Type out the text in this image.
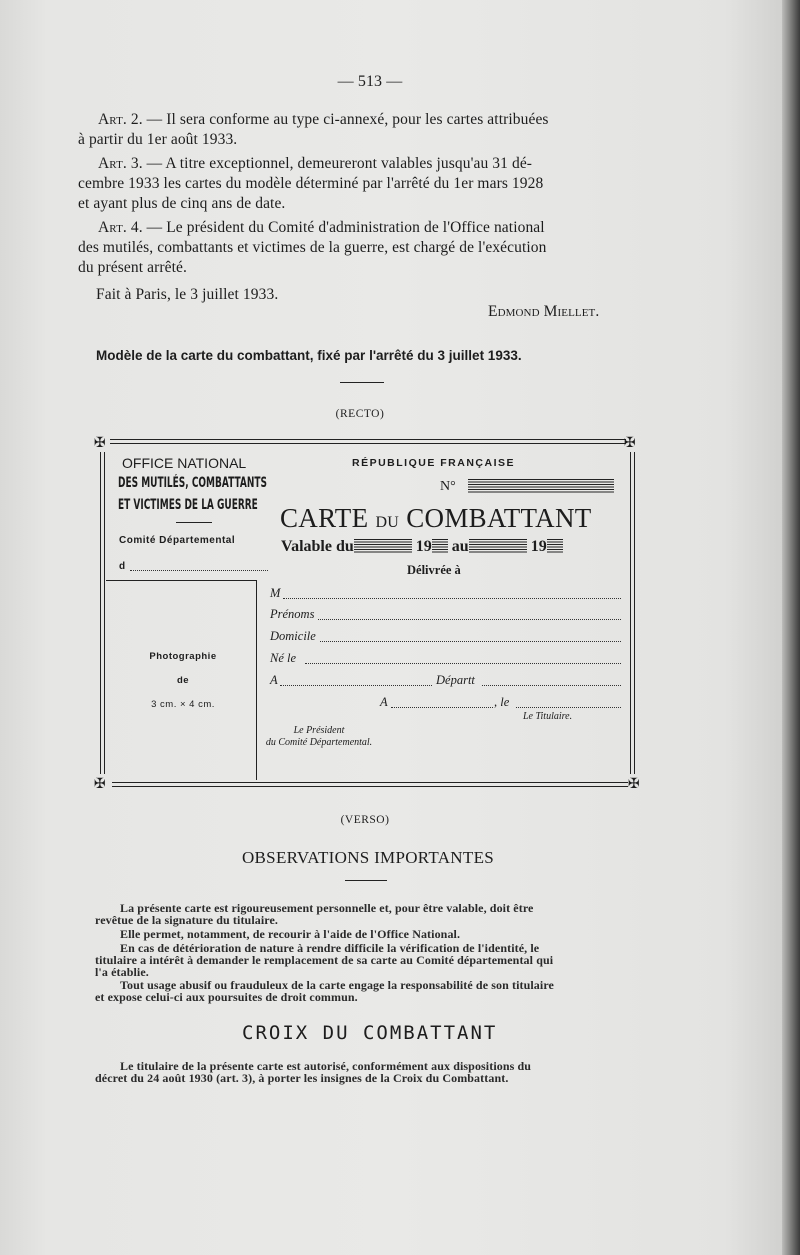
— 513 —
Art. 2. — Il sera conforme au type ci-annexé, pour les cartes attribuées
à partir du 1er août 1933.
Art. 3. — A titre exceptionnel, demeureront valables jusqu'au 31 dé-
cembre 1933 les cartes du modèle déterminé par l'arrêté du 1er mars 1928
et ayant plus de cinq ans de date.
Art. 4. — Le président du Comité d'administration de l'Office national
des mutilés, combattants et victimes de la guerre, est chargé de l'exécution
du présent arrêté.
Fait à Paris, le 3 juillet 1933.
Edmond Miellet.
Modèle de la carte du combattant, fixé par l'arrêté du 3 juillet 1933.
(RECTO)
✠	✠
✠	✠
OFFICE NATIONAL
DES MUTILÉS, COMBATTANTS
ET VICTIMES DE LA GUERRE
Comité Départemental
d
RÉPUBLIQUE FRANÇAISE
N°
CARTE DU COMBATTANT
Valable du	19 au	19
Délivrée à
Photographie
de
3 cm. × 4 cm.
M
Prénoms
Domicile
Né le
A	Départt
A	, le
Le Titulaire.
Le Président
du Comité Départemental.
(VERSO)
OBSERVATIONS IMPORTANTES
La présente carte est rigoureusement personnelle et, pour être valable, doit être
revêtue de la signature du titulaire.
Elle permet, notamment, de recourir à l'aide de l'Office National.
En cas de détérioration de nature à rendre difficile la vérification de l'identité, le
titulaire a intérêt à demander le remplacement de sa carte au Comité départemental qui
l'a établie.
Tout usage abusif ou frauduleux de la carte engage la responsabilité de son titulaire
et expose celui-ci aux poursuites de droit commun.
CROIX DU COMBATTANT
Le titulaire de la présente carte est autorisé, conformément aux dispositions du
décret du 24 août 1930 (art. 3), à porter les insignes de la Croix du Combattant.
